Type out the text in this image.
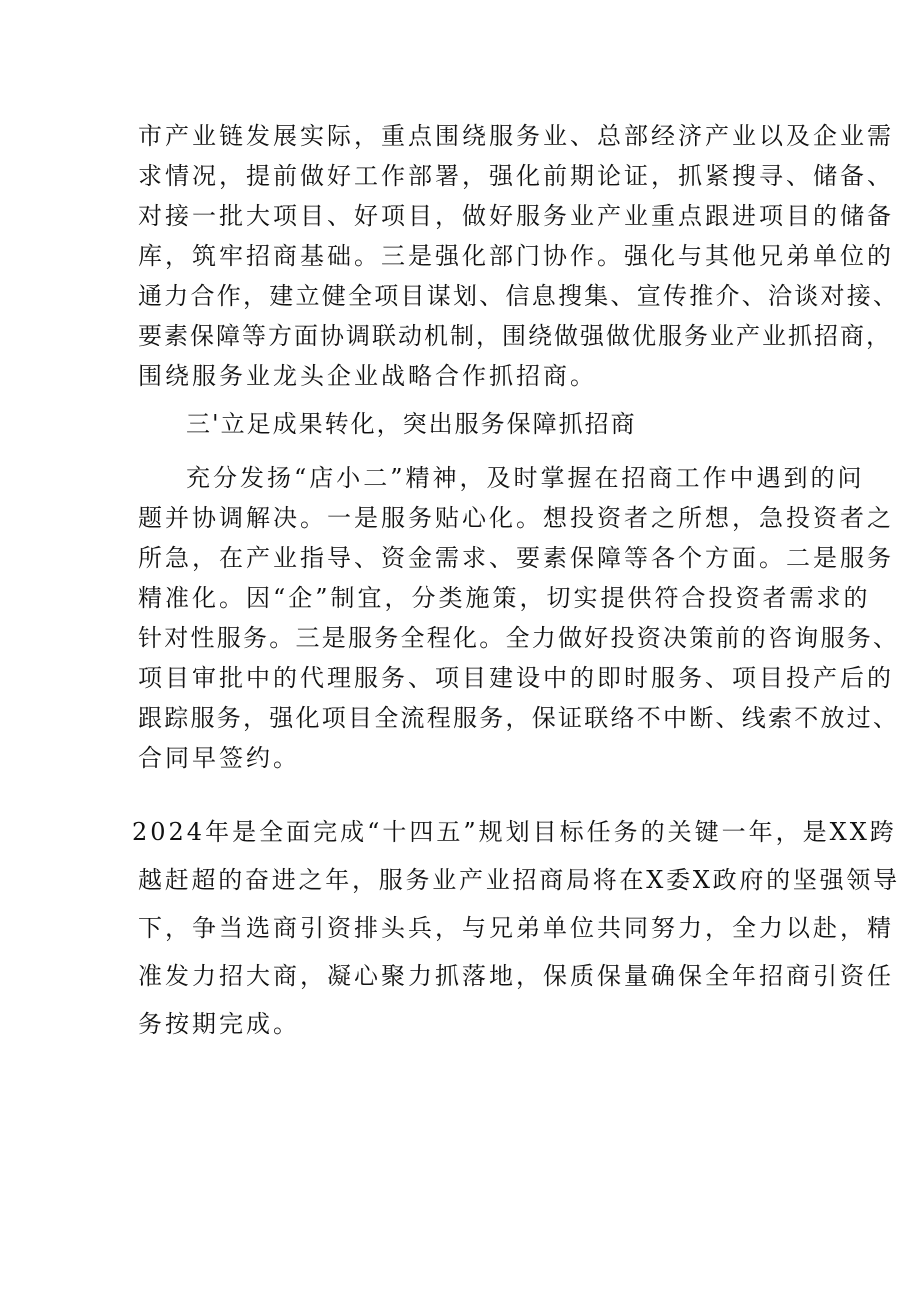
市产业链发展实际，重点围绕服务业、总部经济产业以及企业需
求情况，提前做好工作部署，强化前期论证，抓紧搜寻、储备、
对接一批大项目、好项目，做好服务业产业重点跟进项目的储备
库，筑牢招商基础。三是强化部门协作。强化与其他兄弟单位的
通力合作，建立健全项目谋划、信息搜集、宣传推介、洽谈对接、
要素保障等方面协调联动机制，围绕做强做优服务业产业抓招商，
围绕服务业龙头企业战略合作抓招商。
三'立足成果转化，突出服务保障抓招商
充分发扬“店小二”精神，及时掌握在招商工作中遇到的问
题并协调解决。一是服务贴心化。想投资者之所想，急投资者之
所急，在产业指导、资金需求、要素保障等各个方面。二是服务
精准化。因“企”制宜，分类施策，切实提供符合投资者需求的
针对性服务。三是服务全程化。全力做好投资决策前的咨询服务、
项目审批中的代理服务、项目建设中的即时服务、项目投产后的
跟踪服务，强化项目全流程服务，保证联络不中断、线索不放过、
合同早签约。
2024年是全面完成“十四五”规划目标任务的关键一年，是XX跨
越赶超的奋进之年，服务业产业招商局将在X委X政府的坚强领导
下，争当选商引资排头兵，与兄弟单位共同努力，全力以赴，精
准发力招大商，凝心聚力抓落地，保质保量确保全年招商引资任
务按期完成。
